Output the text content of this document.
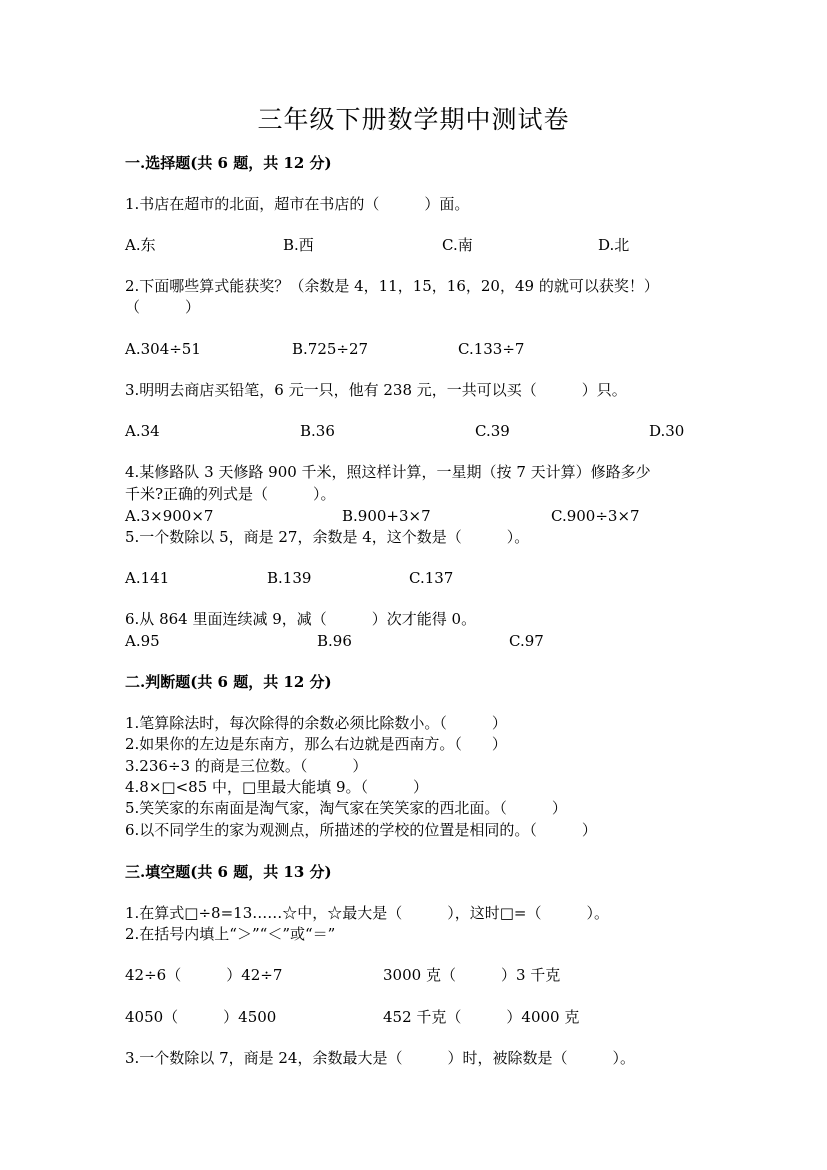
三年级下册数学期中测试卷
一.选择题(共 6 题，共 12 分)
1.书店在超市的北面，超市在书店的（　　　）面。
A.东	B.西	C.南	D.北
2.下面哪些算式能获奖？（余数是 4，11，15，16，20，49 的就可以获奖！）
（　　　）
A.304÷51	B.725÷27	C.133÷7
3.明明去商店买铅笔，6 元一只，他有 238 元，一共可以买（　　　）只。
A.34	B.36	C.39	D.30
4.某修路队 3 天修路 900 千米，照这样计算，一星期（按 7 天计算）修路多少
千米?正确的列式是（　　　）。
A.3×900×7	B.900+3×7	C.900÷3×7
5.一个数除以 5，商是 27，余数是 4，这个数是（　　　）。
A.141	B.139	C.137
6.从 864 里面连续减 9，减（　　　）次才能得 0。
A.95	B.96	C.97
二.判断题(共 6 题，共 12 分)
1.笔算除法时，每次除得的余数必须比除数小。（　　　）
2.如果你的左边是东南方，那么右边就是西南方。（　　）
3.236÷3 的商是三位数。（　　　）
4.8×□<85 中，□里最大能填 9。（　　　）
5.笑笑家的东南面是淘气家，淘气家在笑笑家的西北面。（　　　）
6.以不同学生的家为观测点，所描述的学校的位置是相同的。（　　　）
三.填空题(共 6 题，共 13 分)
1.在算式□÷8=13……☆中，☆最大是（　　　），这时□=（　　　）。
2.在括号内填上“＞”“＜”或“＝”
42÷6（　　　）42÷7	3000 克（　　　）3 千克
4050（　　　）4500	452 千克（　　　）4000 克
3.一个数除以 7，商是 24，余数最大是（　　　）时，被除数是（　　　）。
